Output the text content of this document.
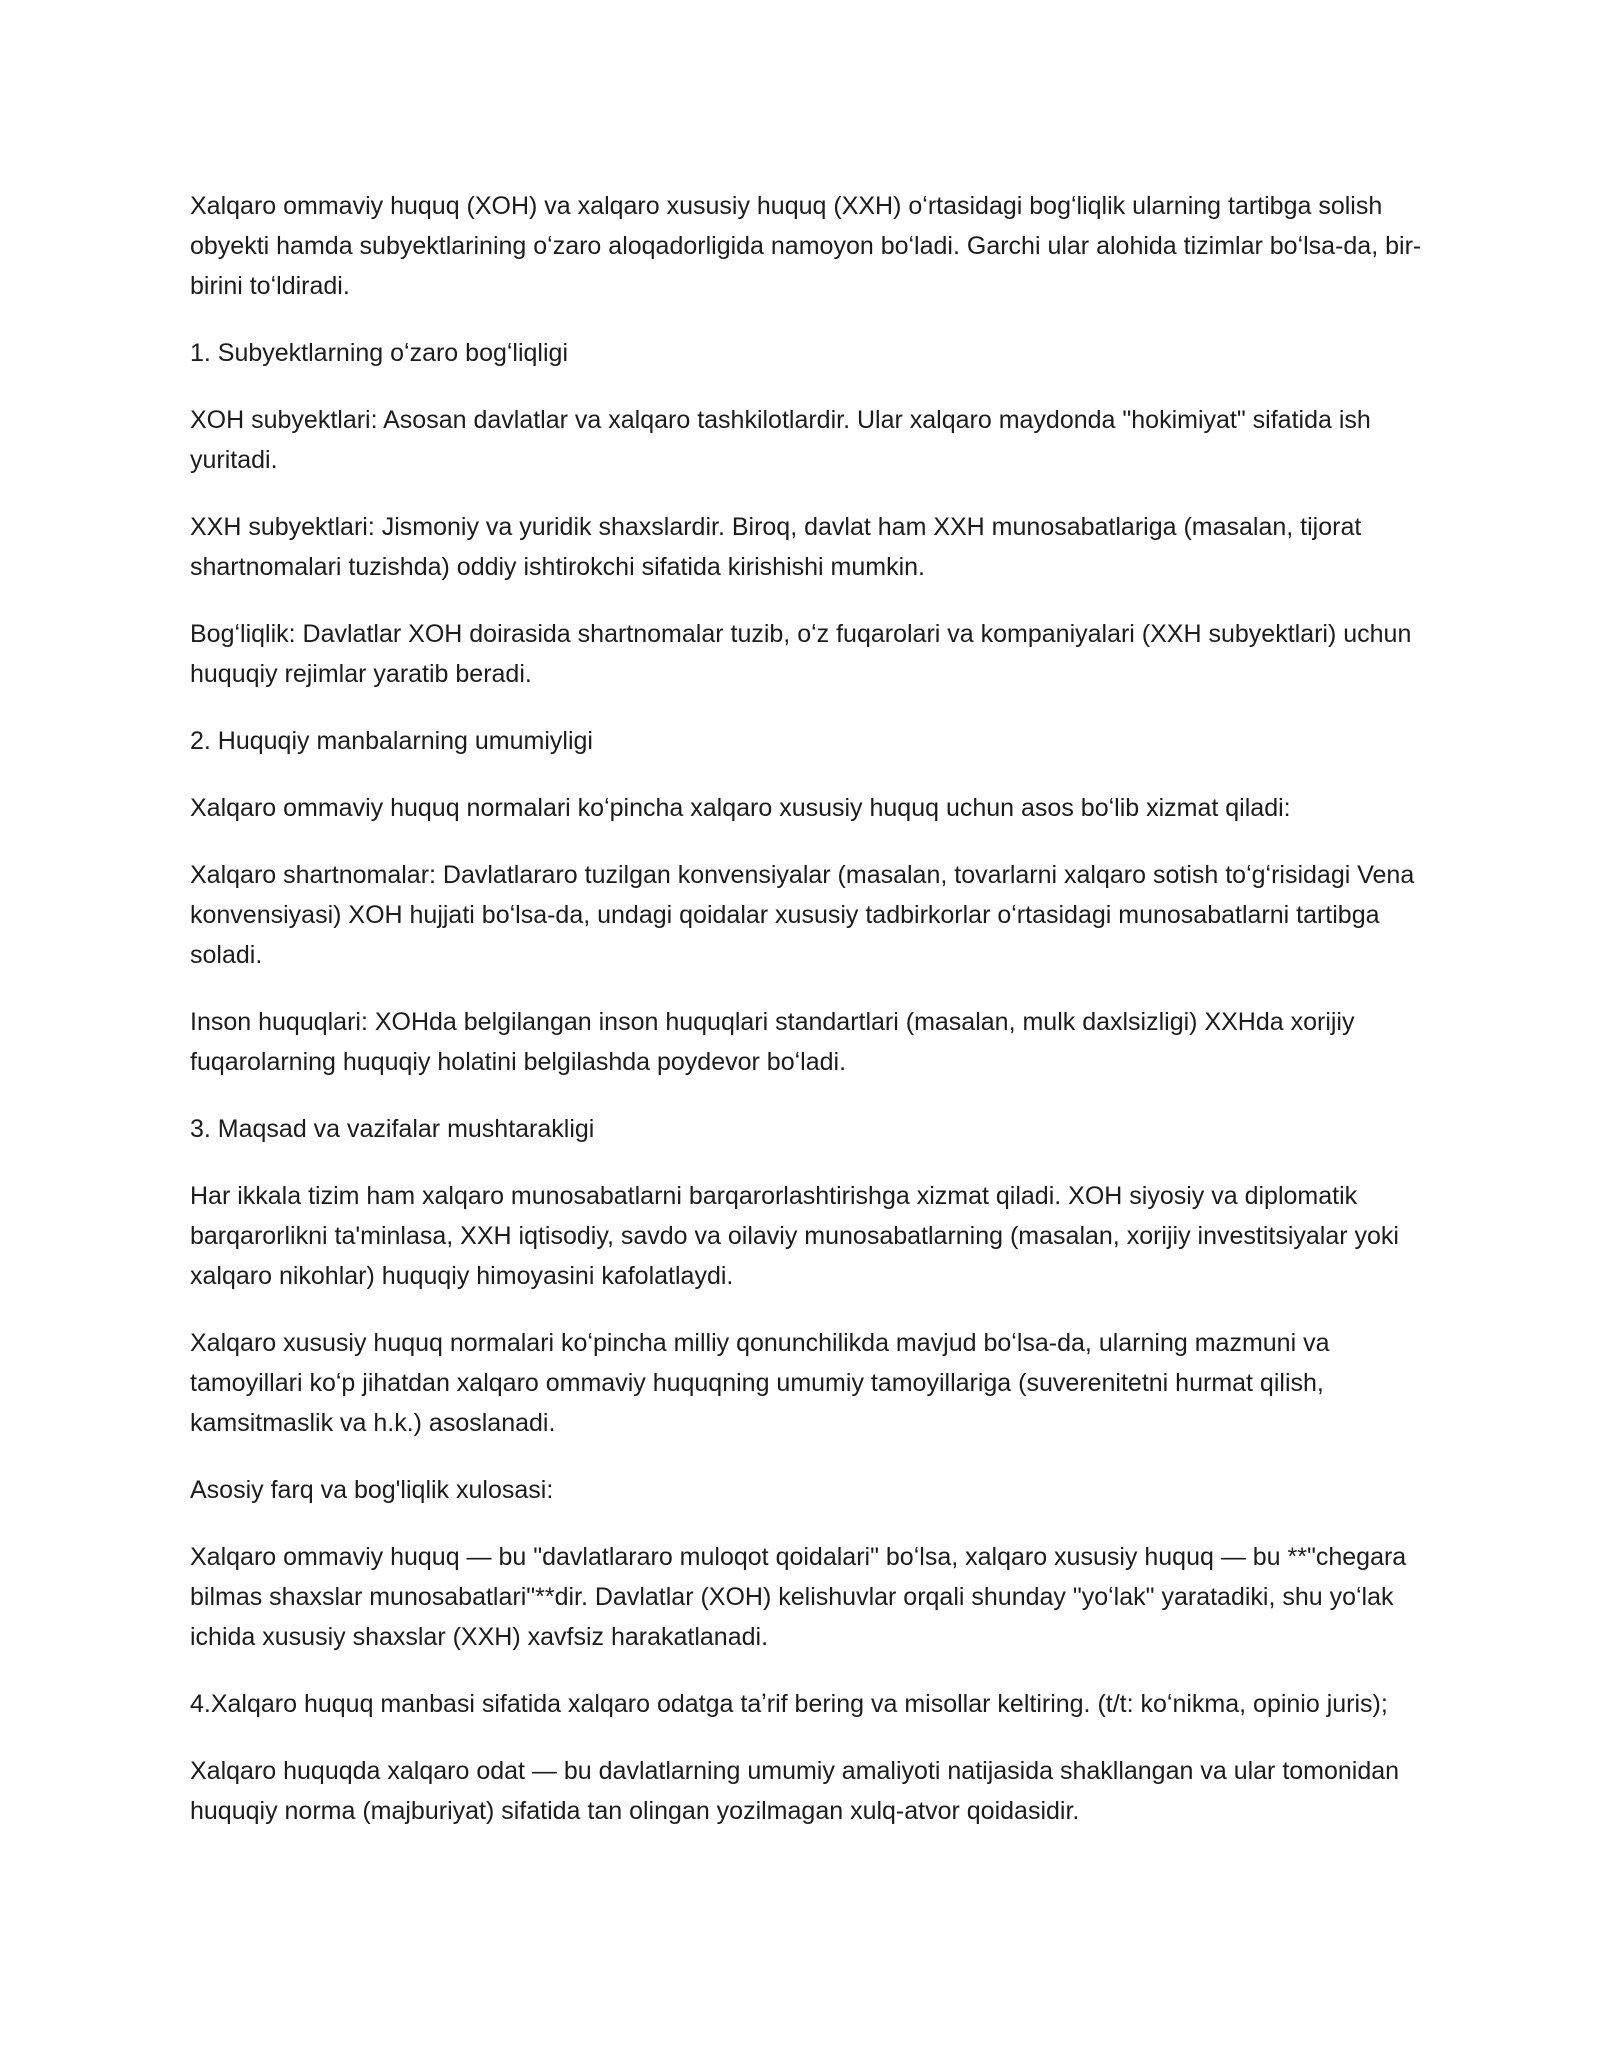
Xalqaro ommaviy huquq (XOH) va xalqaro xususiy huquq (XXH) oʻrtasidagi bogʻliqlik ularning tartibga solish obyekti hamda subyektlarining oʻzaro aloqadorligida namoyon boʻladi. Garchi ular alohida tizimlar boʻlsa-da, bir-birini toʻldiradi.

1. Subyektlarning oʻzaro bogʻliqligi

XOH subyektlari: Asosan davlatlar va xalqaro tashkilotlardir. Ular xalqaro maydonda "hokimiyat" sifatida ish yuritadi.

XXH subyektlari: Jismoniy va yuridik shaxslardir. Biroq, davlat ham XXH munosabatlariga (masalan, tijorat shartnomalari tuzishda) oddiy ishtirokchi sifatida kirishishi mumkin.

Bogʻliqlik: Davlatlar XOH doirasida shartnomalar tuzib, oʻz fuqarolari va kompaniyalari (XXH subyektlari) uchun huquqiy rejimlar yaratib beradi.

2. Huquqiy manbalarning umumiyligi

Xalqaro ommaviy huquq normalari koʻpincha xalqaro xususiy huquq uchun asos boʻlib xizmat qiladi:

Xalqaro shartnomalar: Davlatlararo tuzilgan konvensiyalar (masalan, tovarlarni xalqaro sotish toʻgʻrisidagi Vena konvensiyasi) XOH hujjati boʻlsa-da, undagi qoidalar xususiy tadbirkorlar oʻrtasidagi munosabatlarni tartibga soladi.

Inson huquqlari: XOHda belgilangan inson huquqlari standartlari (masalan, mulk daxlsizligi) XXHda xorijiy fuqarolarning huquqiy holatini belgilashda poydevor boʻladi.

3. Maqsad va vazifalar mushtarakligi

Har ikkala tizim ham xalqaro munosabatlarni barqarorlashtirishga xizmat qiladi. XOH siyosiy va diplomatik barqarorlikni ta'minlasa, XXH iqtisodiy, savdo va oilaviy munosabatlarning (masalan, xorijiy investitsiyalar yoki xalqaro nikohlar) huquqiy himoyasini kafolatlaydi.

Xalqaro xususiy huquq normalari koʻpincha milliy qonunchilikda mavjud boʻlsa-da, ularning mazmuni va tamoyillari koʻp jihatdan xalqaro ommaviy huquqning umumiy tamoyillariga (suverenitetni hurmat qilish, kamsitmaslik va h.k.) asoslanadi.

Asosiy farq va bog'liqlik xulosasi:

Xalqaro ommaviy huquq — bu "davlatlararo muloqot qoidalari" boʻlsa, xalqaro xususiy huquq — bu **"chegara bilmas shaxslar munosabatlari"**dir. Davlatlar (XOH) kelishuvlar orqali shunday "yoʻlak" yaratadiki, shu yoʻlak ichida xususiy shaxslar (XXH) xavfsiz harakatlanadi.

4.Xalqaro huquq manbasi sifatida xalqaro odatga taʼrif bering va misollar keltiring. (t/t: koʻnikma, opinio juris);

Xalqaro huquqda xalqaro odat — bu davlatlarning umumiy amaliyoti natijasida shakllangan va ular tomonidan huquqiy norma (majburiyat) sifatida tan olingan yozilmagan xulq-atvor qoidasidir.
